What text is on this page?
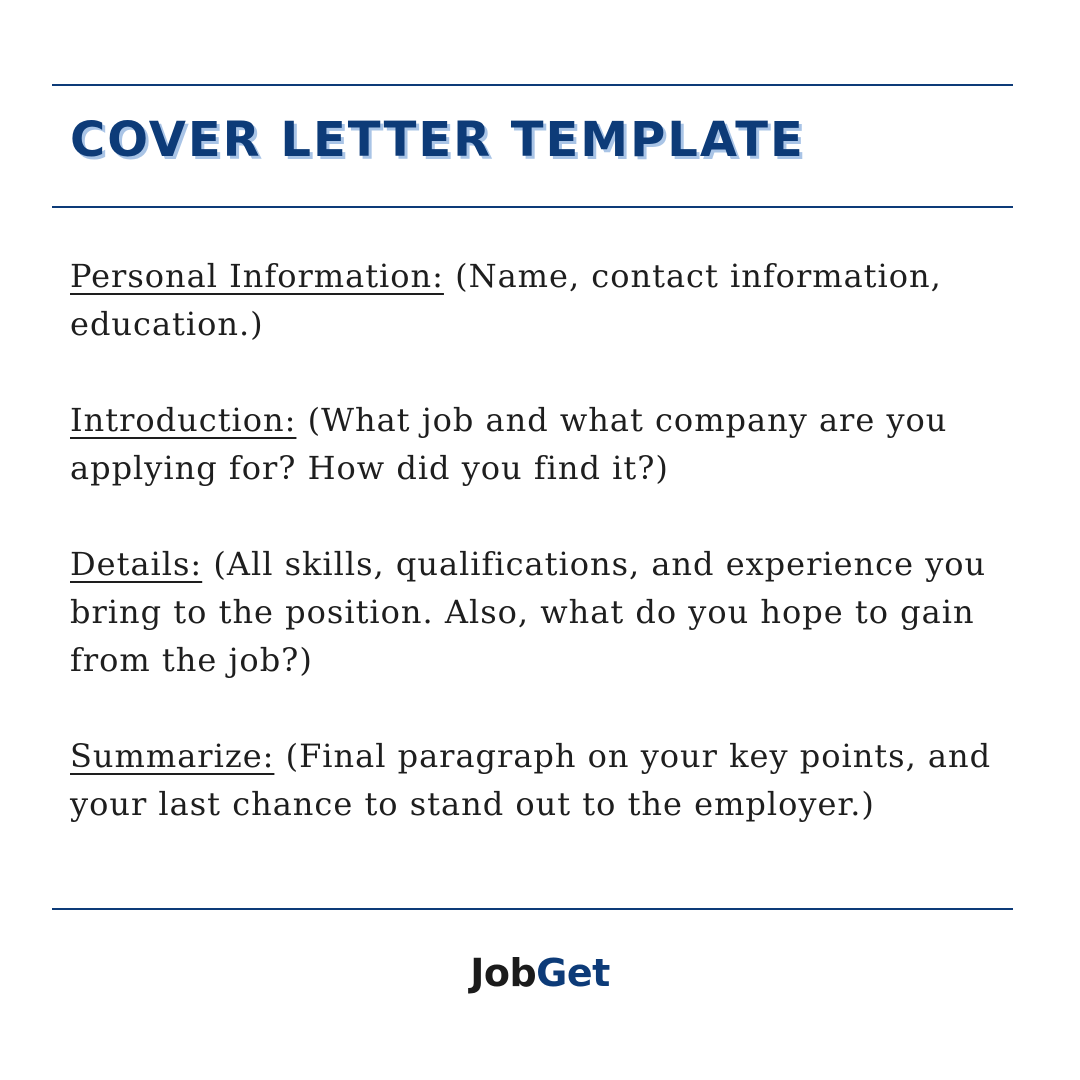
COVER LETTER TEMPLATE

Personal Information: (Name, contact information, education.)

Introduction: (What job and what company are you applying for? How did you find it?)

Details: (All skills, qualifications, and experience you bring to the position. Also, what do you hope to gain from the job?)

Summarize: (Final paragraph on your key points, and your last chance to stand out to the employer.)

JobGet
